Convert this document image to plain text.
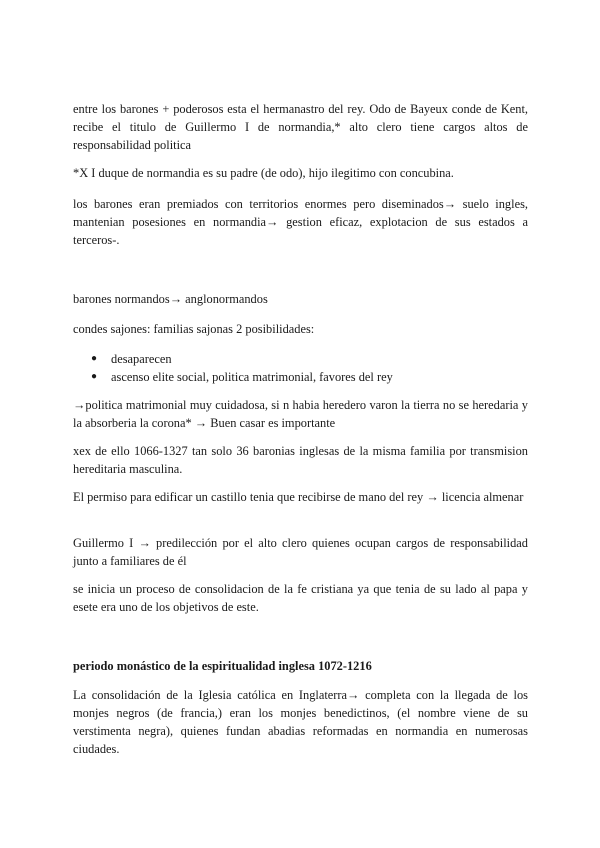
entre los barones + poderosos esta el hermanastro del rey. Odo de Bayeux conde de Kent, recibe el titulo de Guillermo I de normandia,* alto clero tiene cargos altos de responsabilidad politica

*X I duque de normandia es su padre (de odo), hijo ilegitimo con concubina.

los barones eran premiados con territorios enormes pero diseminados→ suelo ingles, mantenian posesiones en normandia→ gestion eficaz, explotacion de sus estados a terceros-.

barones normandos→ anglonormandos

condes sajones: familias sajonas 2 posibilidades:

● desaparecen
● ascenso elite social, politica matrimonial, favores del rey

→politica matrimonial muy cuidadosa, si n habia heredero varon la tierra no se heredaria y la absorberia la corona* → Buen casar es importante

xex de ello 1066-1327 tan solo 36 baronias inglesas de la misma familia por transmision hereditaria masculina.

El permiso para edificar un castillo tenia que recibirse de mano del rey → licencia almenar

Guillermo I → predilección por el alto clero quienes ocupan cargos de responsabilidad junto a familiares de él

se inicia un proceso de consolidacion de la fe cristiana ya que tenia de su lado al papa y esete era uno de los objetivos de este.

periodo monástico de la espiritualidad inglesa 1072-1216

La consolidación de la Iglesia católica en Inglaterra→ completa con la llegada de los monjes negros (de francia,) eran los monjes benedictinos, (el nombre viene de su verstimenta negra), quienes fundan abadias reformadas en normandia en numerosas ciudades.
